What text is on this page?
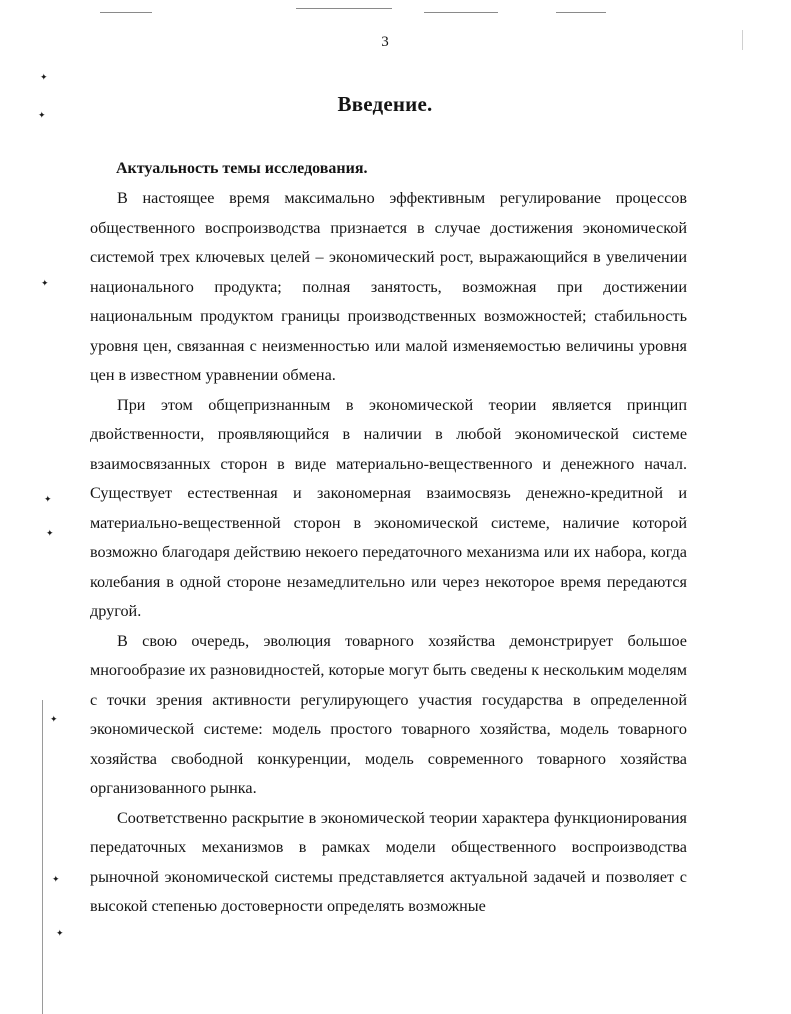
✦
✦
✦
✦
✦
✦
✦
✦
3
Введение.
Актуальность темы исследования.

В настоящее время максимально эффективным регулирование процессов общественного воспроизводства признается в случае достижения экономической системой трех ключевых целей – экономический рост, выражающийся в увеличении национального продукта; полная занятость, возможная при достижении национальным продуктом границы производственных возможностей; стабильность уровня цен, связанная с неизменностью или малой изменяемостью величины уровня цен в известном уравнении обмена.

При этом общепризнанным в экономической теории является принцип двойственности, проявляющийся в наличии в любой экономической системе взаимосвязанных сторон в виде материально-вещественного и денежного начал. Существует естественная и закономерная взаимосвязь денежно-кредитной и материально-вещественной сторон в экономической системе, наличие которой возможно благодаря действию некоего передаточного механизма или их набора, когда колебания в одной стороне незамедлительно или через некоторое время передаются другой.

В свою очередь, эволюция товарного хозяйства демонстрирует большое многообразие их разновидностей, которые могут быть сведены к нескольким моделям с точки зрения активности регулирующего участия государства в определенной экономической системе: модель простого товарного хозяйства, модель товарного хозяйства свободной конкуренции, модель современного товарного хозяйства организованного рынка.

Соответственно раскрытие в экономической теории характера функционирования передаточных механизмов в рамках модели общественного воспроизводства рыночной экономической системы представляется актуальной задачей и позволяет с высокой степенью достоверности определять возможные
